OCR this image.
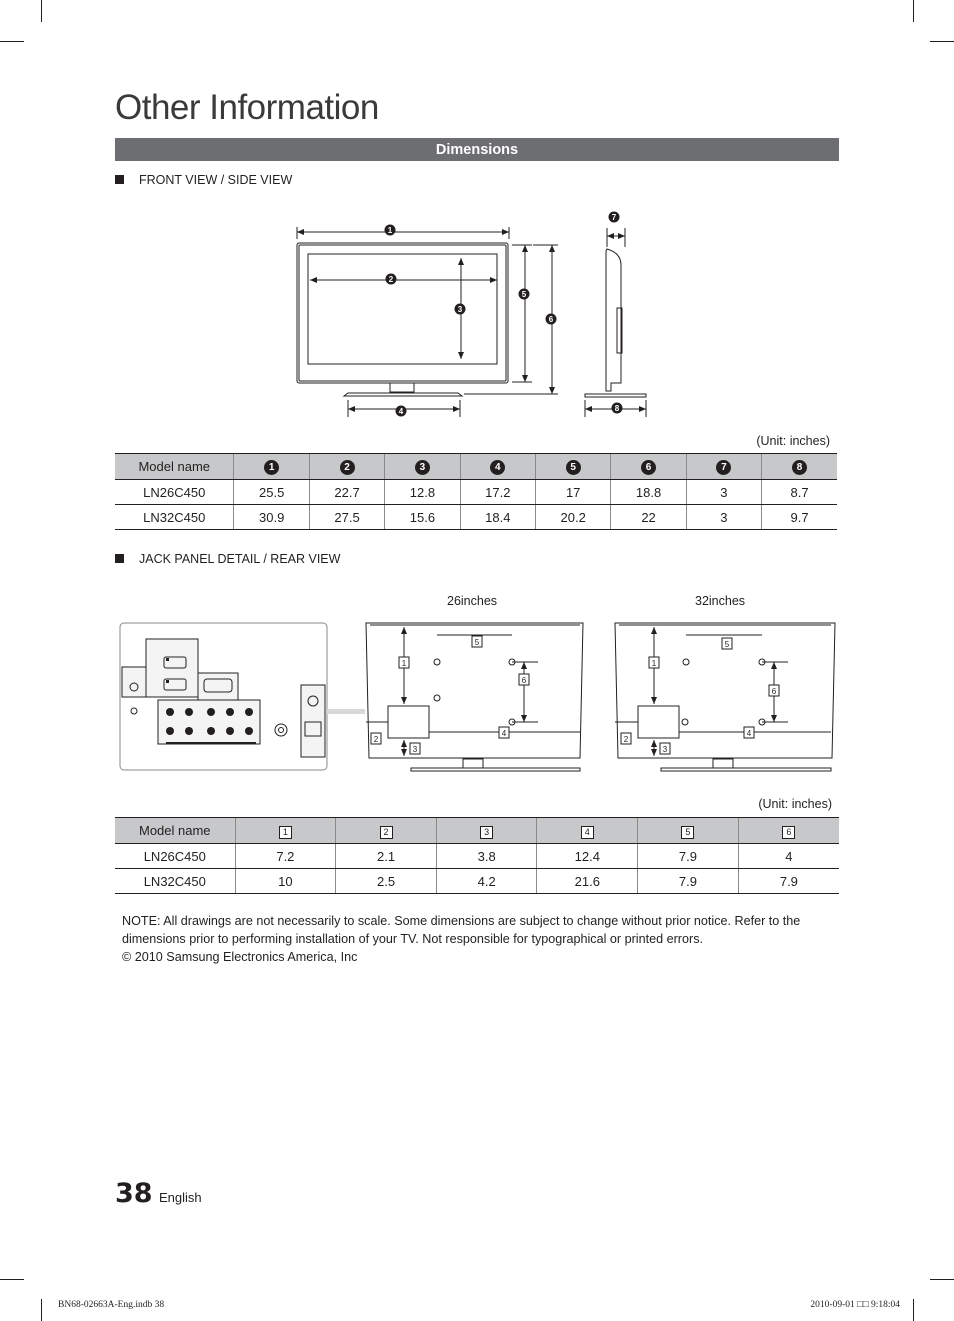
Other Information
Dimensions
FRONT VIEW / SIDE VIEW
1
2
3
4
5
6
7
8
(Unit: inches)
Model name	1	2	3	4	5	6	7	8
LN26C450	25.5	22.7	12.8	17.2	17	18.8	3	8.7
LN32C450	30.9	27.5	15.6	18.4	20.2	22	3	9.7
JACK PANEL DETAIL / REAR VIEW
26inches	32inches
1
2
3
4
5
6
1
2
3
4
5
6
(Unit: inches)
Model name	1	2	3	4	5	6
LN26C450	7.2	2.1	3.8	12.4	7.9	4
LN32C450	10	2.5	4.2	21.6	7.9	7.9
NOTE: All drawings are not necessarily to scale. Some dimensions are subject to change without prior notice. Refer to the dimensions prior to performing installation of your TV. Not responsible for typographical or printed errors.
© 2010 Samsung Electronics America, Inc
38 English
BN68-02663A-Eng.indb 38	2010-09-01 □□ 9:18:04
